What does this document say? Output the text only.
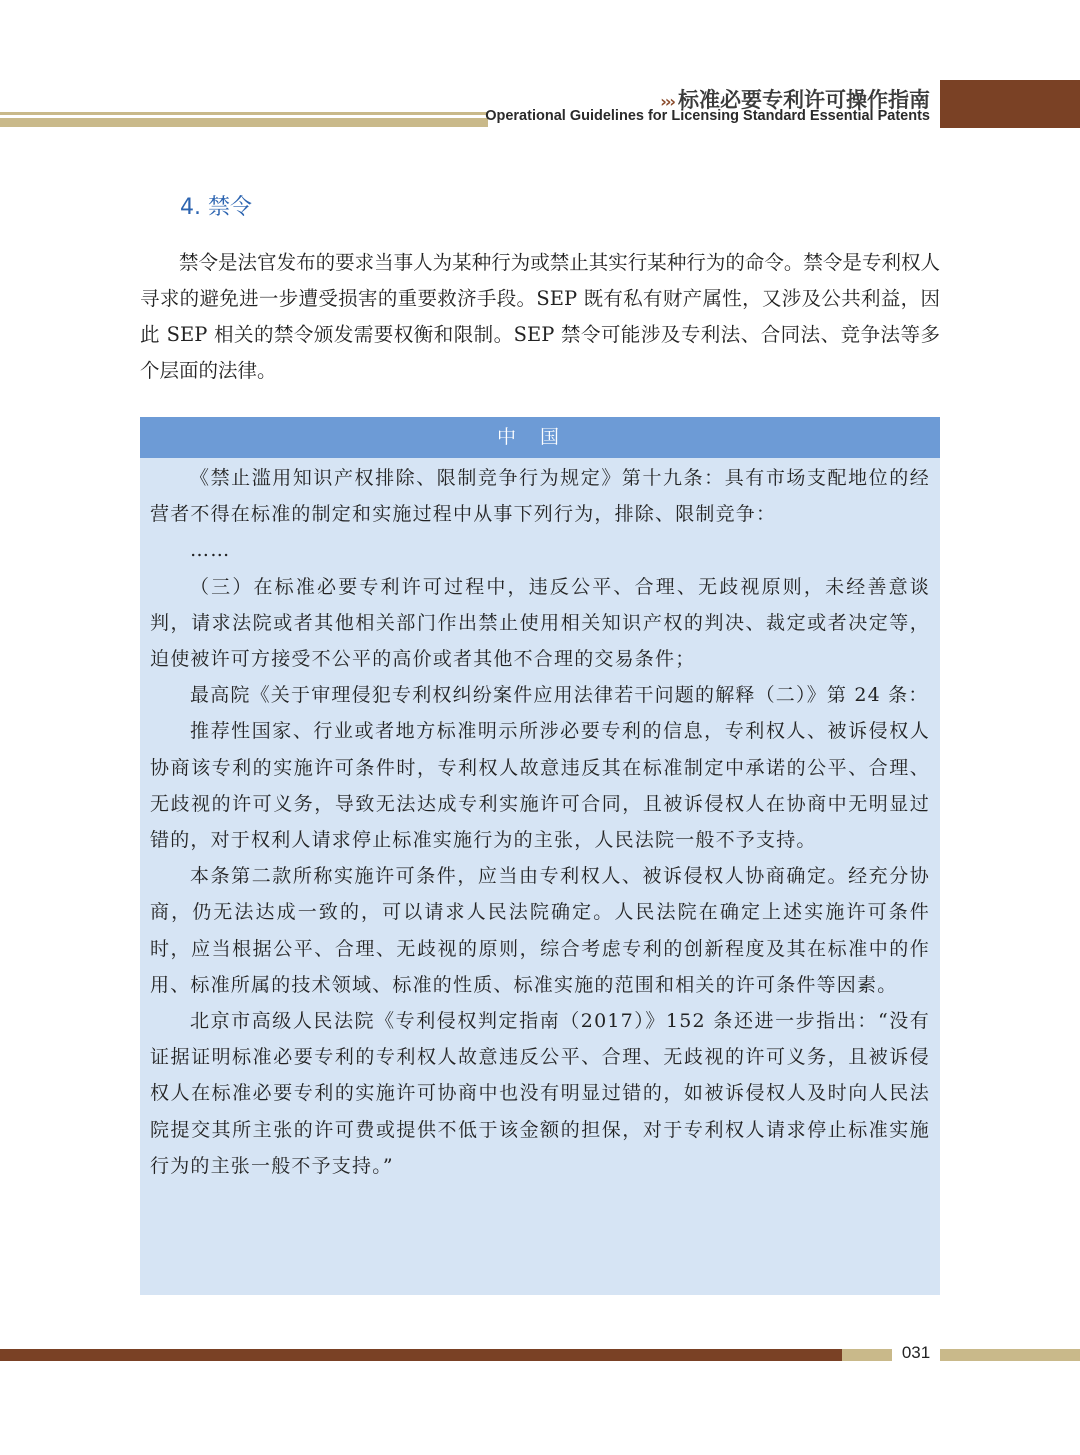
››› 标准必要专利许可操作指南
Operational Guidelines for Licensing Standard Essential Patents
4. 禁令
禁令是法官发布的要求当事人为某种行为或禁止其实行某种行为的命令。禁令是专利权人寻求的避免进一步遭受损害的重要救济手段。SEP 既有私有财产属性，又涉及公共利益，因此 SEP 相关的禁令颁发需要权衡和限制。SEP 禁令可能涉及专利法、合同法、竞争法等多个层面的法律。
中国

《禁止滥用知识产权排除、限制竞争行为规定》第十九条：具有市场支配地位的经营者不得在标准的制定和实施过程中从事下列行为，排除、限制竞争：

……

（三）在标准必要专利许可过程中，违反公平、合理、无歧视原则，未经善意谈判，请求法院或者其他相关部门作出禁止使用相关知识产权的判决、裁定或者决定等，迫使被许可方接受不公平的高价或者其他不合理的交易条件；

最高院《关于审理侵犯专利权纠纷案件应用法律若干问题的解释（二）》第 24 条：

推荐性国家、行业或者地方标准明示所涉必要专利的信息，专利权人、被诉侵权人协商该专利的实施许可条件时，专利权人故意违反其在标准制定中承诺的公平、合理、无歧视的许可义务，导致无法达成专利实施许可合同，且被诉侵权人在协商中无明显过错的，对于权利人请求停止标准实施行为的主张，人民法院一般不予支持。

本条第二款所称实施许可条件，应当由专利权人、被诉侵权人协商确定。经充分协商，仍无法达成一致的，可以请求人民法院确定。人民法院在确定上述实施许可条件时，应当根据公平、合理、无歧视的原则，综合考虑专利的创新程度及其在标准中的作用、标准所属的技术领域、标准的性质、标准实施的范围和相关的许可条件等因素。

北京市高级人民法院《专利侵权判定指南（2017）》152 条还进一步指出：“没有证据证明标准必要专利的专利权人故意违反公平、合理、无歧视的许可义务，且被诉侵权人在标准必要专利的实施许可协商中也没有明显过错的，如被诉侵权人及时向人民法院提交其所主张的许可费或提供不低于该金额的担保，对于专利权人请求停止标准实施行为的主张一般不予支持。”

031
